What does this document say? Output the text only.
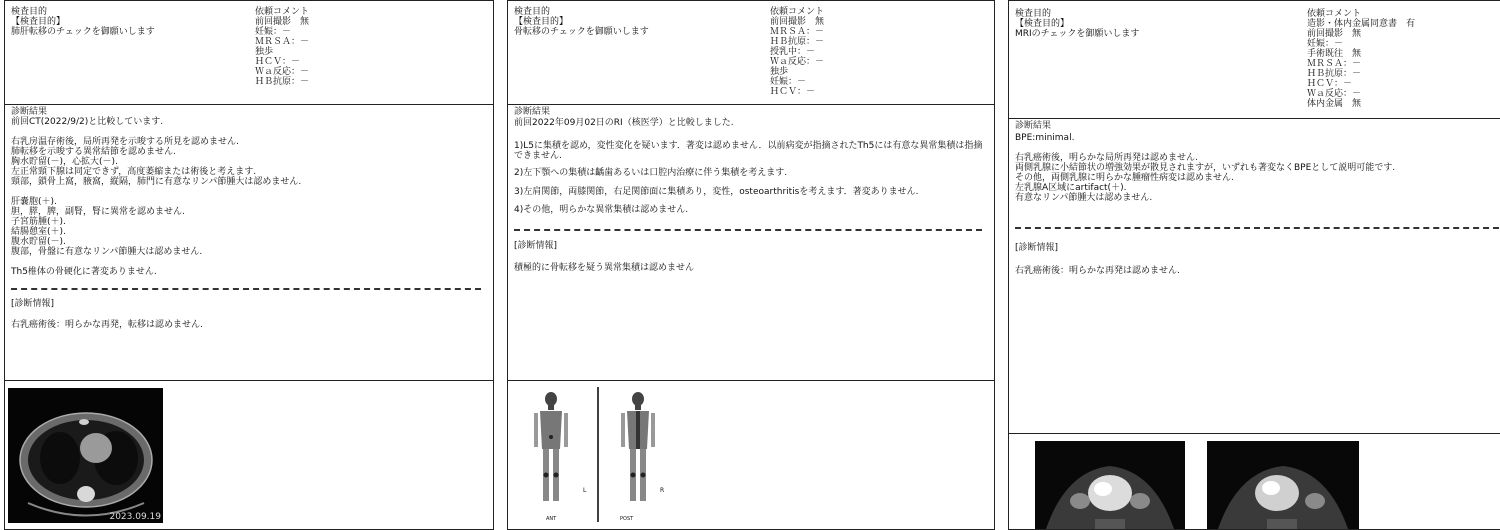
検査目的
【検査目的】
肺肝転移のチェックを御願いします
依頼コメント
前回撮影　無
妊娠：－
ＭＲＳＡ：－
独歩
ＨＣＶ：－
Ｗａ反応：－
ＨＢ抗原：－
診断結果
前回CT(2022/9/2)と比較しています.

右乳房温存術後，局所再発を示唆する所見を認めません.
肺転移を示唆する異常結節を認めません.
胸水貯留(－)，心拡大(－).
左正常頸下腺は同定できず，高度萎縮または術後と考えます.
頸部，鎖骨上窩，腋窩，縦隔，肺門に有意なリンパ節腫大は認めません.

肝嚢胞(＋).
胆，膵，脾，副腎，腎に異常を認めません.
子宮筋腫(＋).
結腸憩室(＋).
腹水貯留(－).
腹部，骨盤に有意なリンパ節腫大は認めません.

Th5椎体の骨硬化に著変ありません.
[診断情報]
右乳癌術後：明らかな再発，転移は認めません.
2023.09.19
検査目的
【検査目的】
骨転移のチェックを御願いします
依頼コメント
前回撮影　無
ＭＲＳＡ：－
ＨＢ抗原：－
授乳中：－
Ｗａ反応：－
独歩
妊娠：－
ＨＣＶ：－
診断結果
前回2022年09月02日のRI（核医学）と比較しました.
1)L5に集積を認め，変性変化を疑います．著変は認めません．以前病変が指摘されたTh5には有意な異常集積は指摘できません.
2)左下顎への集積は齲歯あるいは口腔内治療に伴う集積を考えます.
3)左肩関節，両膝関節，右足関節面に集積あり，変性，osteoarthritisを考えます．著変ありません.
4)その他，明らかな異常集積は認めません.
[診断情報]
積極的に骨転移を疑う異常集積は認めません
L	R
ANT	POST
検査目的
【検査目的】
MRIのチェックを御願いします
依頼コメント
造影・体内金属同意書　有
前回撮影　無
妊娠：－
手術既往　無
ＭＲＳＡ：－
ＨＢ抗原：－
ＨＣＶ：－
Ｗａ反応：－
体内金属　無
診断結果
BPE:minimal.

右乳癌術後，明らかな局所再発は認めません.
両側乳腺に小結節状の増強効果が散見されますが，いずれも著変なくBPEとして説明可能です.
その他，両側乳腺に明らかな腫瘤性病変は認めません.
左乳腺A区域にartifact(＋).
有意なリンパ節腫大は認めません.
[診断情報]
右乳癌術後：明らかな再発は認めません.
